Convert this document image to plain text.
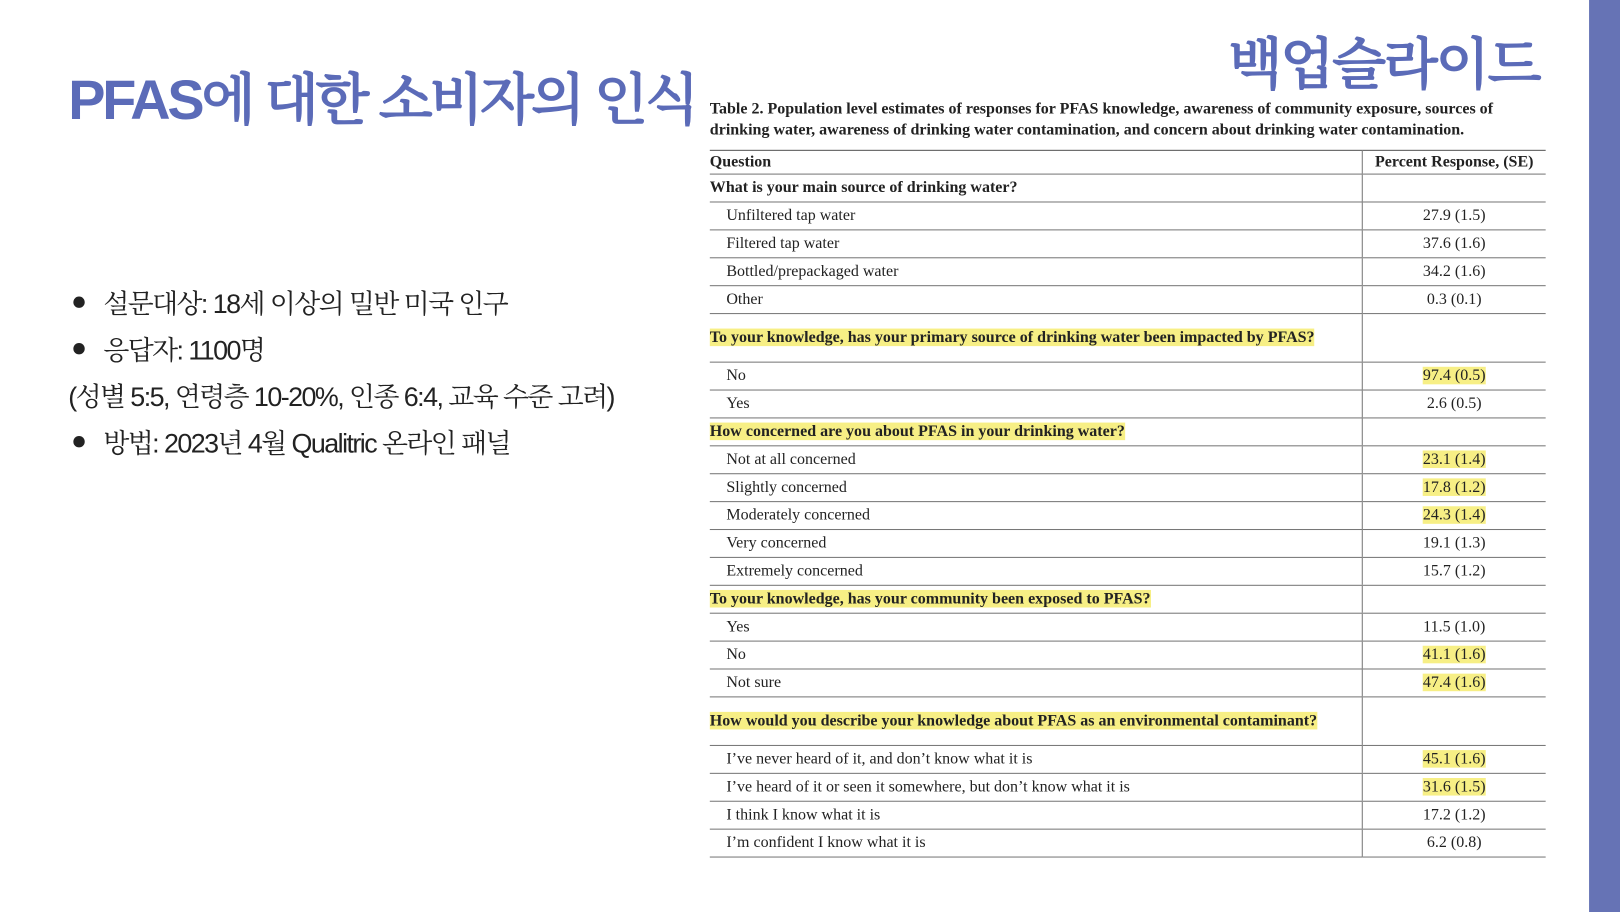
PFAS에 대한 소비자의 인식
백업슬라이드
설문대상: 18세 이상의 밀반 미국 인구
응답자: 1100명
(성별 5:5, 연령층 10-20%, 인종 6:4, 교육 수준 고려)
방법: 2023년 4월 Qualitric 온라인 패널
Table 2. Population level estimates of responses for PFAS knowledge, awareness of community exposure, sources of drinking water, awareness of drinking water contamination, and concern about drinking water contamination.
Question	Percent Response, (SE)
What is your main source of drinking water?	
Unfiltered tap water	27.9 (1.5)
Filtered tap water	37.6 (1.6)
Bottled/prepackaged water	34.2 (1.6)
Other	0.3 (0.1)
To your knowledge, has your primary source of drinking water been impacted by PFAS?	
No	97.4 (0.5)
Yes	2.6 (0.5)
How concerned are you about PFAS in your drinking water?	
Not at all concerned	23.1 (1.4)
Slightly concerned	17.8 (1.2)
Moderately concerned	24.3 (1.4)
Very concerned	19.1 (1.3)
Extremely concerned	15.7 (1.2)
To your knowledge, has your community been exposed to PFAS?	
Yes	11.5 (1.0)
No	41.1 (1.6)
Not sure	47.4 (1.6)
How would you describe your knowledge about PFAS as an environmental contaminant?	
I’ve never heard of it, and don’t know what it is	45.1 (1.6)
I’ve heard of it or seen it somewhere, but don’t know what it is	31.6 (1.5)
I think I know what it is	17.2 (1.2)
I’m confident I know what it is	6.2 (0.8)
